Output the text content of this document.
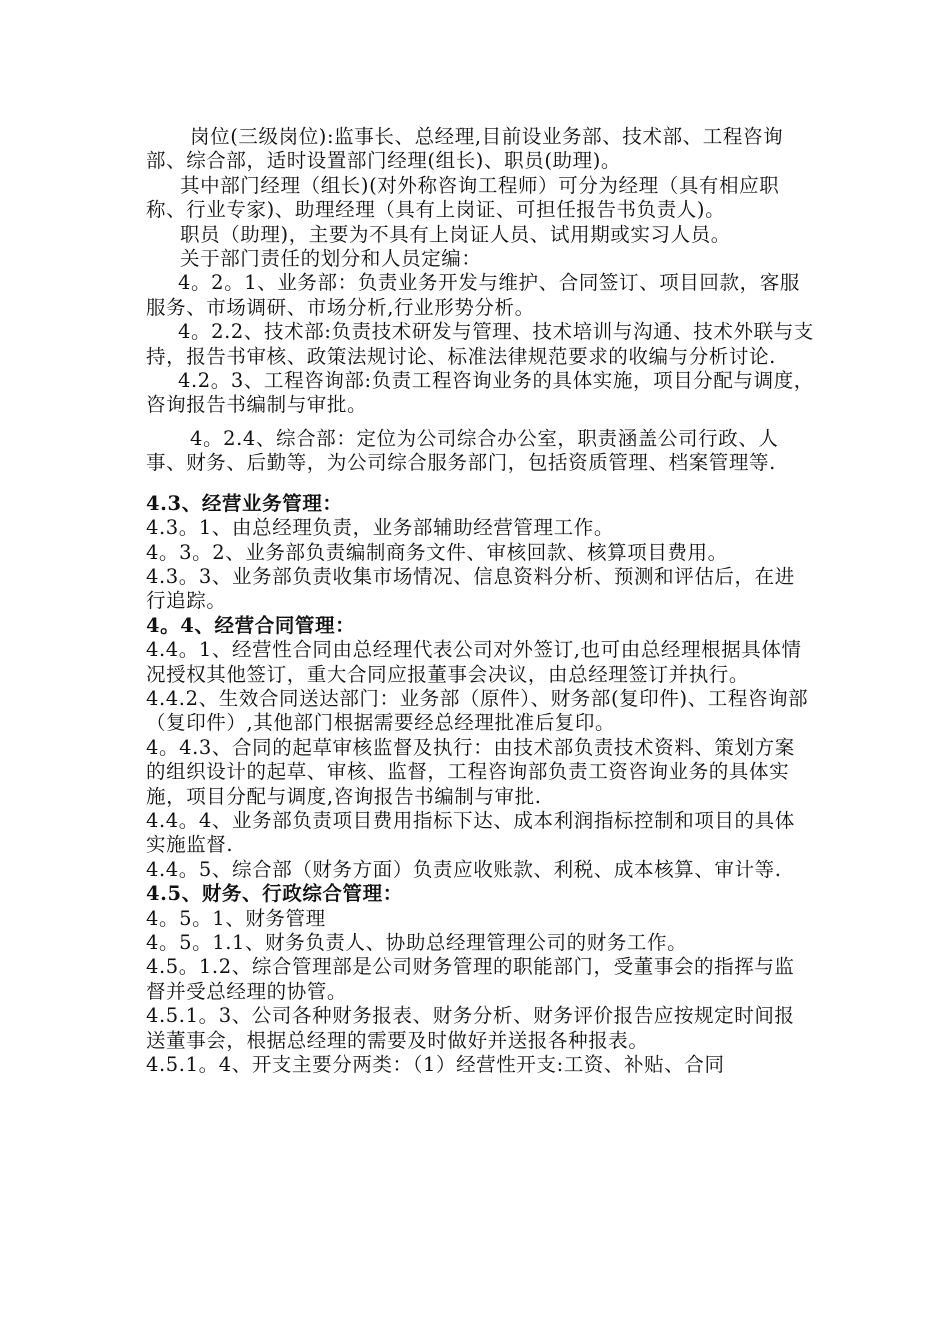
岗位(三级岗位):监事长、总经理,目前设业务部、技术部、工程咨询部、综合部，适时设置部门经理(组长)、职员(助理)。

其中部门经理（组长)(对外称咨询工程师）可分为经理（具有相应职称、行业专家)、助理经理（具有上岗证、可担任报告书负责人)。

职员（助理)，主要为不具有上岗证人员、试用期或实习人员。

关于部门责任的划分和人员定编：

4。2。1、业务部：负责业务开发与维护、合同签订、项目回款，客服服务、市场调研、市场分析,行业形势分析。

4。2.2、技术部:负责技术研发与管理、技术培训与沟通、技术外联与支持，报告书审核、政策法规讨论、标准法律规范要求的收编与分析讨论.

4.2。3、工程咨询部:负责工程咨询业务的具体实施，项目分配与调度，咨询报告书编制与审批。

4。2.4、综合部：定位为公司综合办公室，职责涵盖公司行政、人事、财务、后勤等，为公司综合服务部门，包括资质管理、档案管理等.

4.3、经营业务管理：

4.3。1、由总经理负责，业务部辅助经营管理工作。

4。3。2、业务部负责编制商务文件、审核回款、核算项目费用。

4.3。3、业务部负责收集市场情况、信息资料分析、预测和评估后，在进行追踪。

4。4、经营合同管理：

4.4。1、经营性合同由总经理代表公司对外签订,也可由总经理根据具体情况授权其他签订，重大合同应报董事会决议，由总经理签订并执行。

4.4.2、生效合同送达部门：业务部（原件）、财务部(复印件)、工程咨询部（复印件）,其他部门根据需要经总经理批准后复印。

4。4.3、合同的起草审核监督及执行：由技术部负责技术资料、策划方案的组织设计的起草、审核、监督，工程咨询部负责工资咨询业务的具体实施，项目分配与调度,咨询报告书编制与审批.

4.4。4、业务部负责项目费用指标下达、成本利润指标控制和项目的具体实施监督.

4.4。5、综合部（财务方面）负责应收账款、利税、成本核算、审计等.

4.5、财务、行政综合管理：

4。5。1、财务管理

4。5。1.1、财务负责人、协助总经理管理公司的财务工作。

4.5。1.2、综合管理部是公司财务管理的职能部门，受董事会的指挥与监督并受总经理的协管。

4.5.1。3、公司各种财务报表、财务分析、财务评价报告应按规定时间报送董事会，根据总经理的需要及时做好并送报各种报表。

4.5.1。4、开支主要分两类：（1）经营性开支:工资、补贴、合同
